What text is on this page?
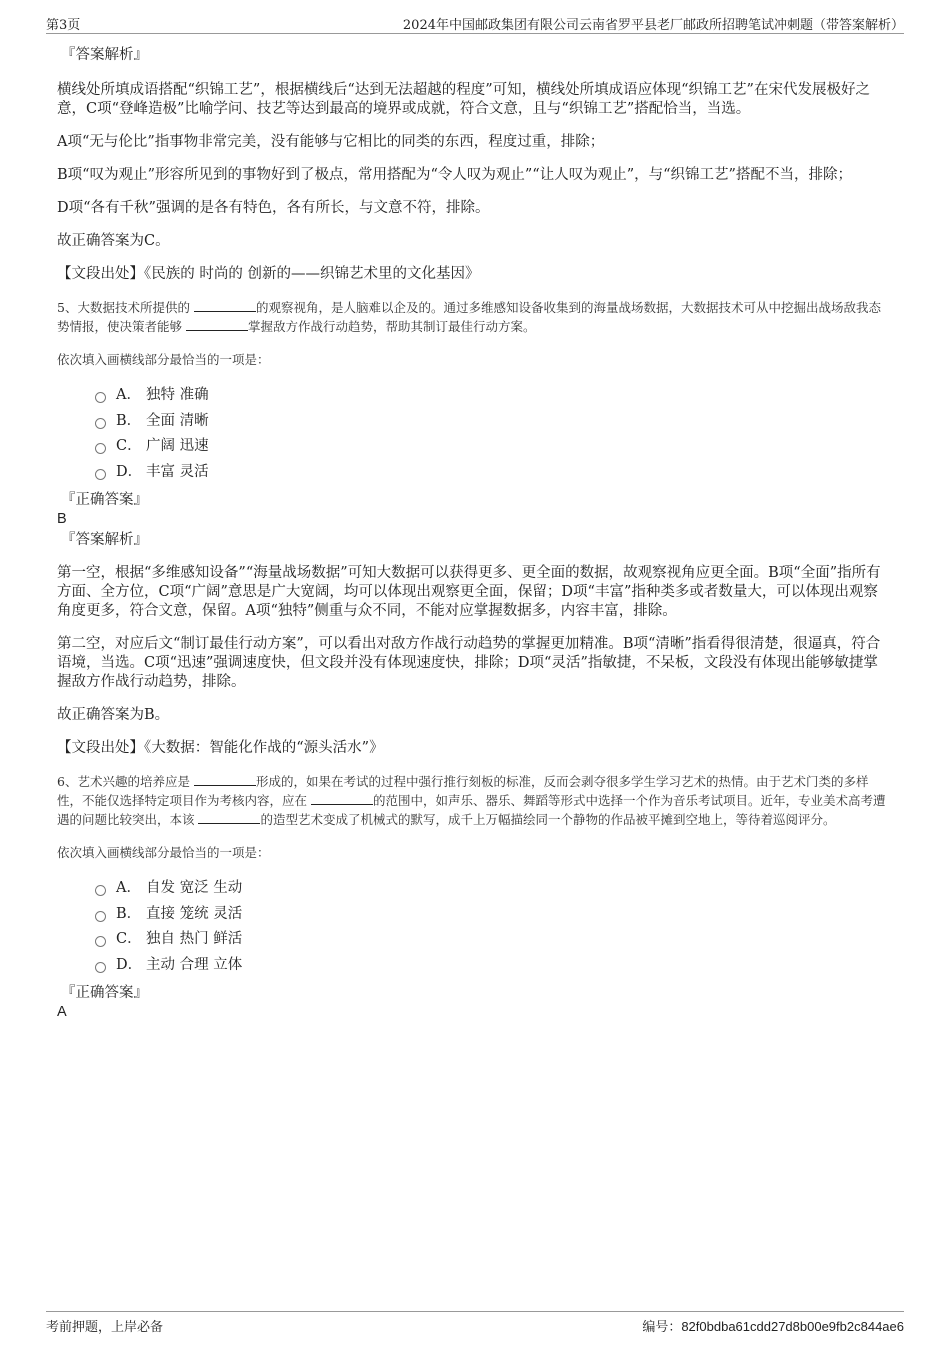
第3页	2024年中国邮政集团有限公司云南省罗平县老厂邮政所招聘笔试冲刺题（带答案解析）
『答案解析』

横线处所填成语搭配“织锦工艺”，根据横线后“达到无法超越的程度”可知，横线处所填成语应体现“织锦工艺”在宋代发展极好之意，C项“登峰造极”比喻学问、技艺等达到最高的境界或成就，符合文意，且与“织锦工艺”搭配恰当，当选。

A项“无与伦比”指事物非常完美，没有能够与它相比的同类的东西，程度过重，排除；

B项“叹为观止”形容所见到的事物好到了极点，常用搭配为“令人叹为观止”“让人叹为观止”，与“织锦工艺”搭配不当，排除；

D项“各有千秋”强调的是各有特色，各有所长，与文意不符，排除。

故正确答案为C。

【文段出处】《民族的 时尚的 创新的——织锦艺术里的文化基因》

5、大数据技术所提供的	的观察视角，是人脑难以企及的。通过多维感知设备收集到的海量战场数据，大数据技术可从中挖掘出战场敌我态势情报，使决策者能够	掌握敌方作战行动趋势，帮助其制订最佳行动方案。

依次填入画横线部分最恰当的一项是：

A． 独特 准确
B． 全面 清晰
C． 广阔 迅速
D． 丰富 灵活
『正确答案』
B
『答案解析』

第一空，根据“多维感知设备”“海量战场数据”可知大数据可以获得更多、更全面的数据，故观察视角应更全面。B项“全面”指所有方面、全方位，C项“广阔”意思是广大宽阔，均可以体现出观察更全面，保留；D项“丰富”指种类多或者数量大，可以体现出观察角度更多，符合文意，保留。A项“独特”侧重与众不同，不能对应掌握数据多，内容丰富，排除。

第二空，对应后文“制订最佳行动方案”，可以看出对敌方作战行动趋势的掌握更加精准。B项“清晰”指看得很清楚，很逼真，符合语境，当选。C项“迅速”强调速度快，但文段并没有体现速度快，排除；D项“灵活”指敏捷，不呆板，文段没有体现出能够敏捷掌握敌方作战行动趋势，排除。

故正确答案为B。

【文段出处】《大数据：智能化作战的“源头活水”》

6、艺术兴趣的培养应是	形成的，如果在考试的过程中强行推行刻板的标准，反而会剥夺很多学生学习艺术的热情。由于艺术门类的多样性，不能仅选择特定项目作为考核内容，应在	的范围中，如声乐、器乐、舞蹈等形式中选择一个作为音乐考试项目。近年，专业美术高考遭遇的问题比较突出，本该	的造型艺术变成了机械式的默写，成千上万幅描绘同一个静物的作品被平摊到空地上，等待着巡阅评分。

依次填入画横线部分最恰当的一项是：

A． 自发 宽泛 生动
B． 直接 笼统 灵活
C． 独自 热门 鲜活
D． 主动 合理 立体
『正确答案』
A
考前押题，上岸必备	编号：82f0bdba61cdd27d8b00e9fb2c844ae6
